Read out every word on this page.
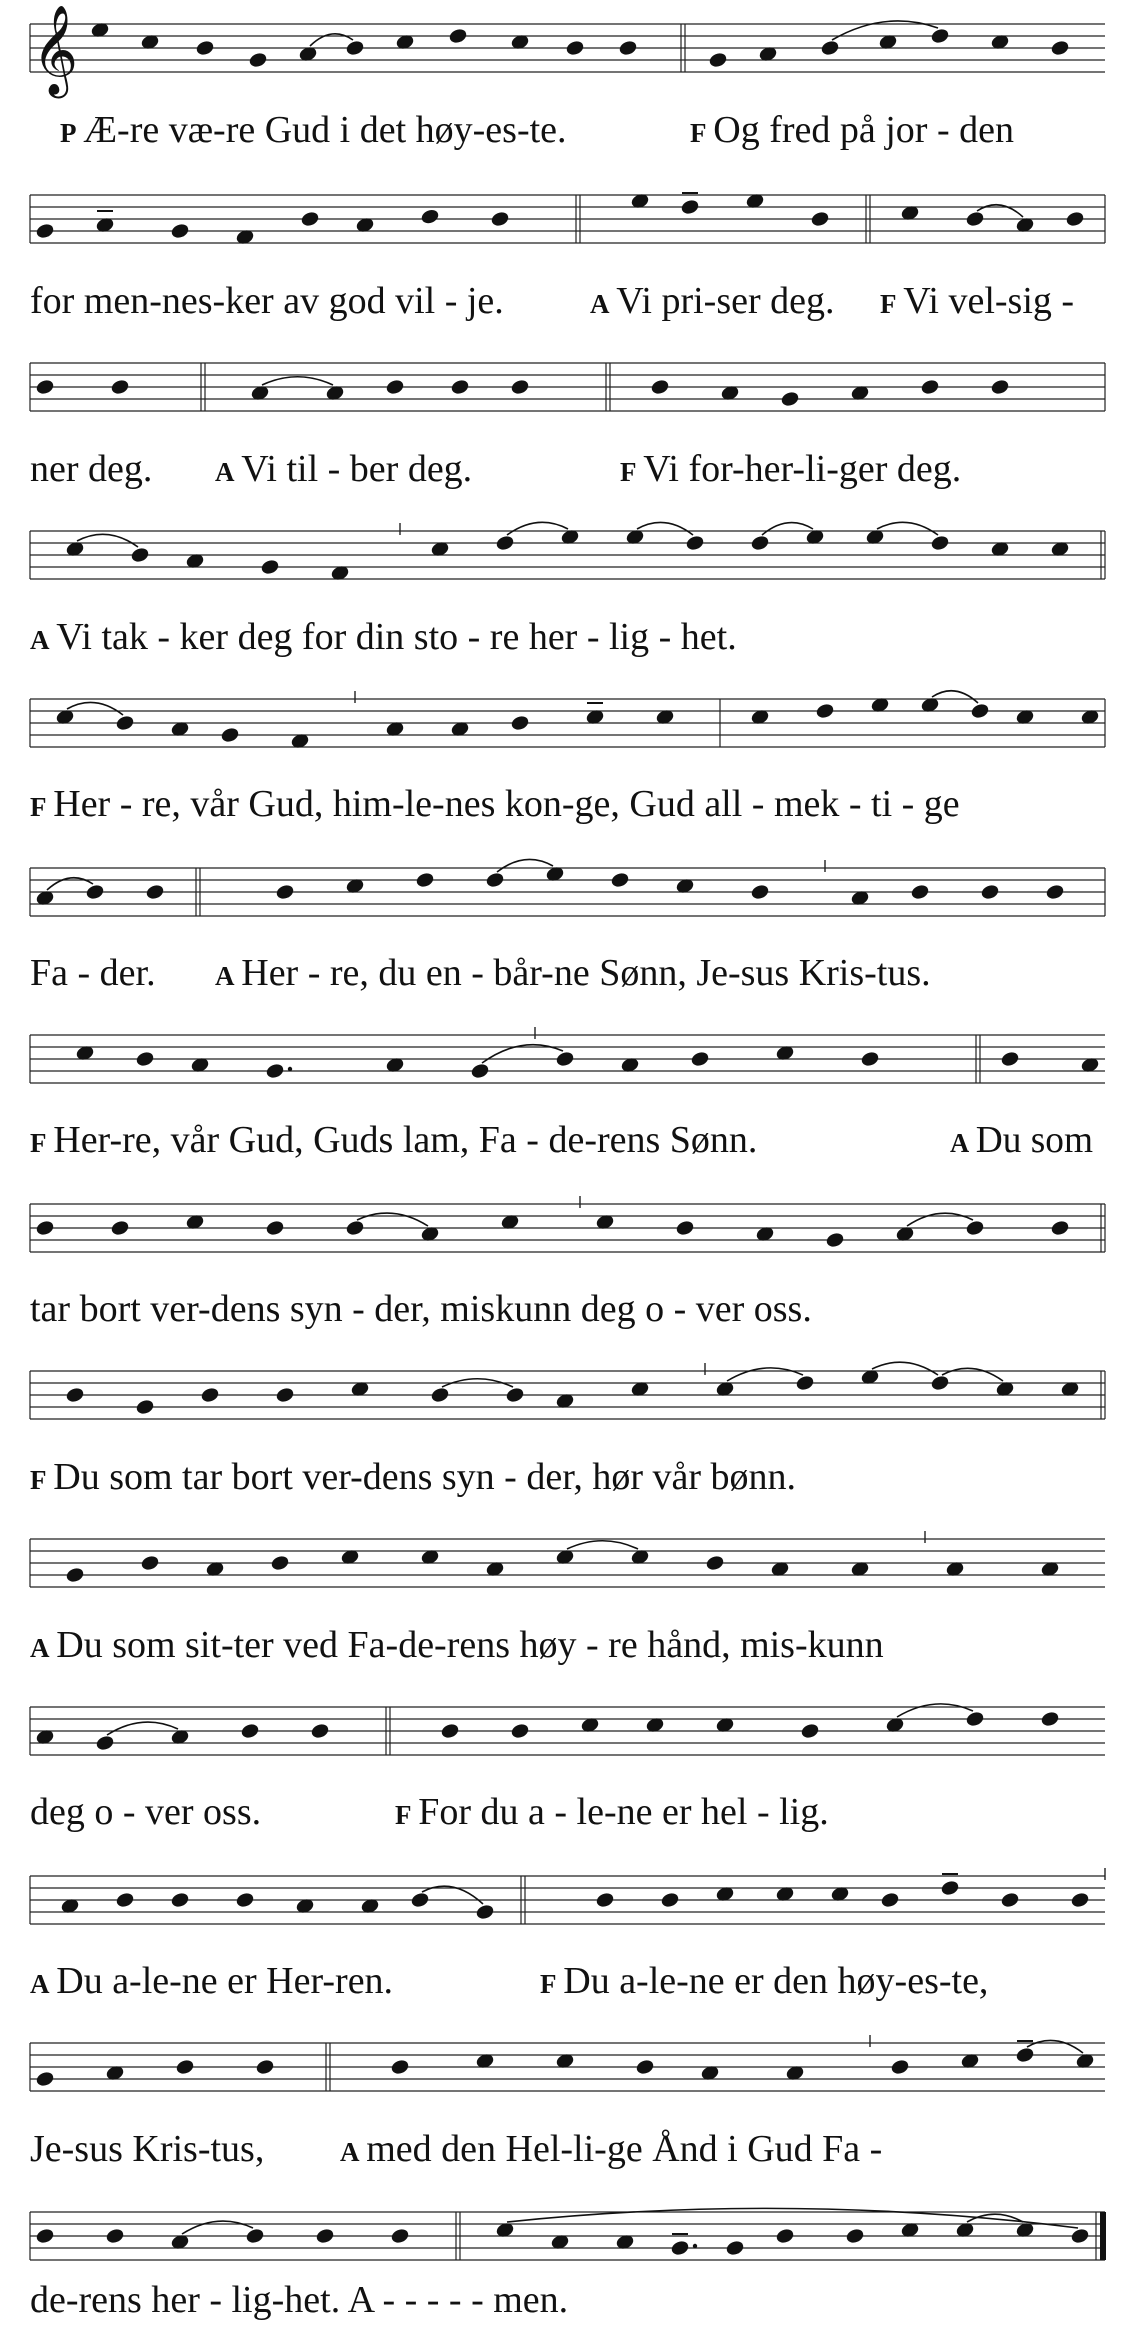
𝄞
P Æ-re væ-re Gud i det høy-es-te.	F Og fred på jor - den
for men-nes-ker av god vil - je.	A Vi pri-ser deg. F Vi vel-sig -
ner deg. A Vi til - ber deg.	F Vi for-her-li-ger deg.
A Vi tak - ker deg for din sto - re her - lig - het.
F Her - re, vår Gud, him-le-nes kon-ge, Gud all - mek - ti - ge
Fa - der. A Her - re, du en - bår-ne Sønn, Je-sus Kris-tus.
F Her-re, vår Gud, Guds lam, Fa - de-rens Sønn.	A Du som
tar bort ver-dens syn - der, miskunn deg o - ver oss.
F Du som tar bort ver-dens syn - der, hør vår bønn.
A Du som sit-ter ved Fa-de-rens høy - re hånd, mis-kunn
deg o - ver oss.	F For du a - le-ne er hel - lig.
A Du a-le-ne er Her-ren.	F Du a-le-ne er den høy-es-te,
Je-sus Kris-tus,	A med den Hel-li-ge Ånd i Gud Fa -
de-rens her - lig-het. A - - - - - men.
